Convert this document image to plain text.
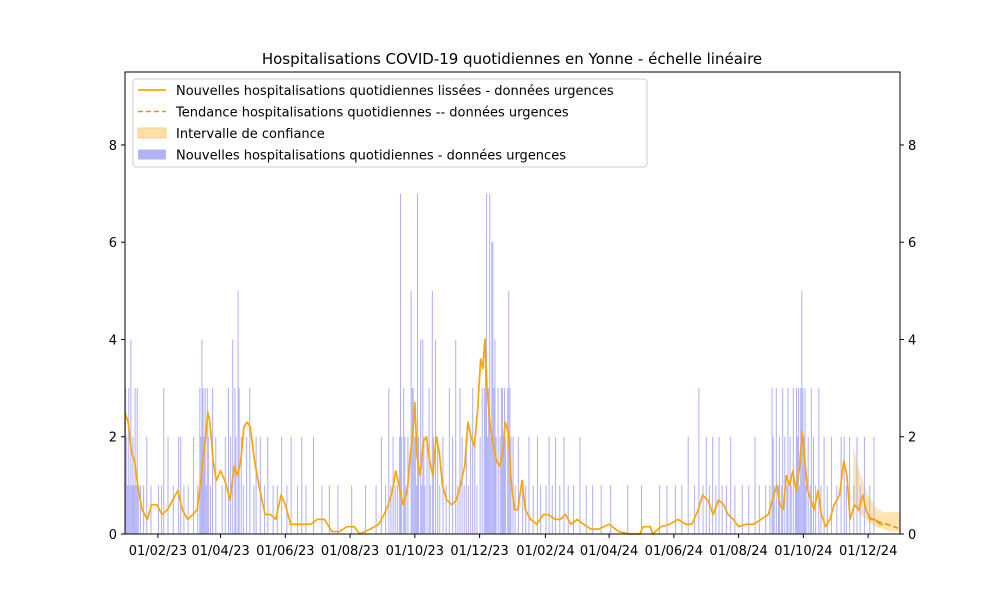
Hospitalisations COVID-19 quotidiennes en Yonne - échelle linéaire
0
2
4
6
8
0
2
4
6
8
01/02/23 01/04/23 01/06/23 01/08/23 01/10/23 01/12/23 01/02/24 01/04/24 01/06/24 01/08/24 01/10/24 01/12/24
Nouvelles hospitalisations quotidiennes lissées - données urgences
Tendance hospitalisations quotidiennes -- données urgences
Intervalle de confiance
Nouvelles hospitalisations quotidiennes - données urgences
